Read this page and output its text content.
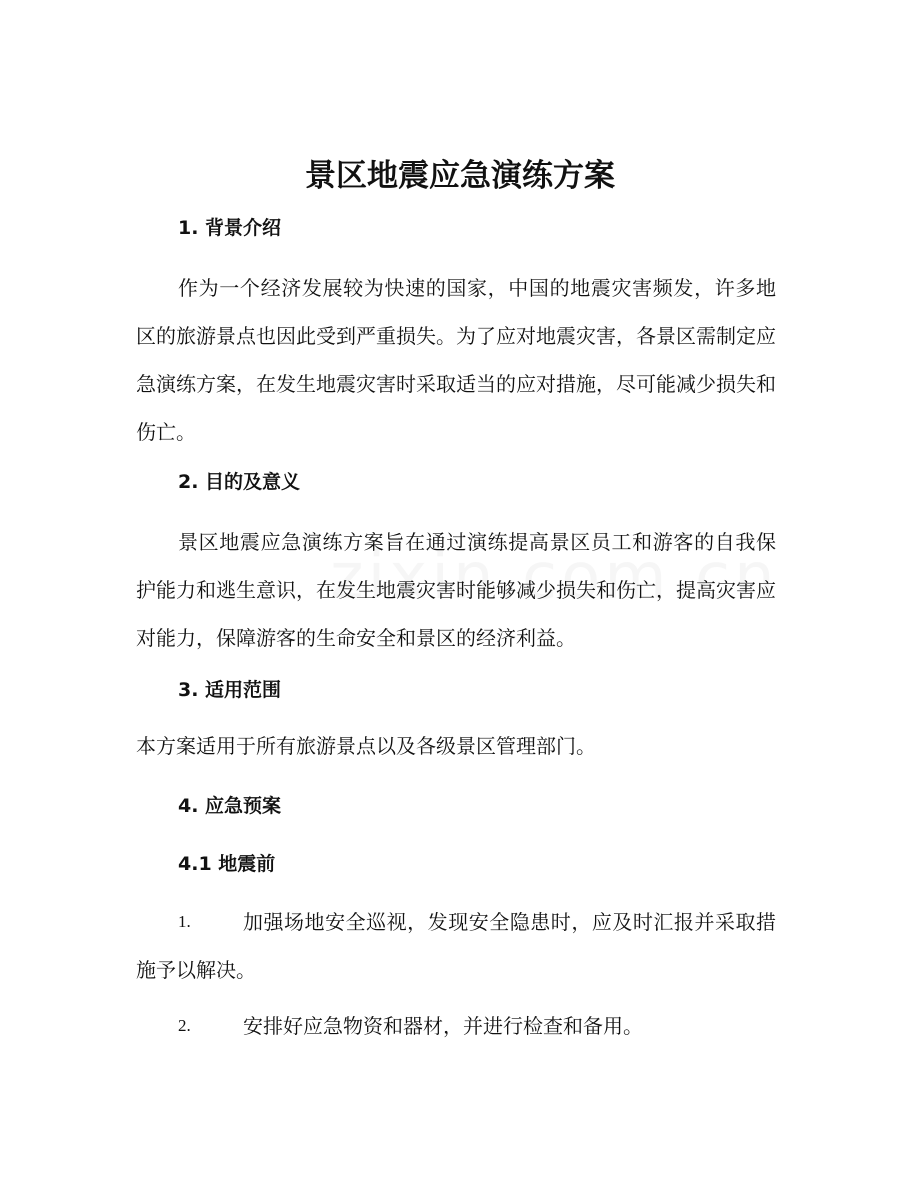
景区地震应急演练方案
1. 背景介绍

作为一个经济发展较为快速的国家，中国的地震灾害频发，许多地区的旅游景点也因此受到严重损失。为了应对地震灾害，各景区需制定应急演练方案，在发生地震灾害时采取适当的应对措施，尽可能减少损失和伤亡。

2. 目的及意义

景区地震应急演练方案旨在通过演练提高景区员工和游客的自我保护能力和逃生意识，在发生地震灾害时能够减少损失和伤亡，提高灾害应对能力，保障游客的生命安全和景区的经济利益。

3. 适用范围

本方案适用于所有旅游景点以及各级景区管理部门。

4. 应急预案
4.1 地震前
1.	加强场地安全巡视，发现安全隐患时，应及时汇报并采取措施予以解决。
2.	安排好应急物资和器材，并进行检查和备用。
